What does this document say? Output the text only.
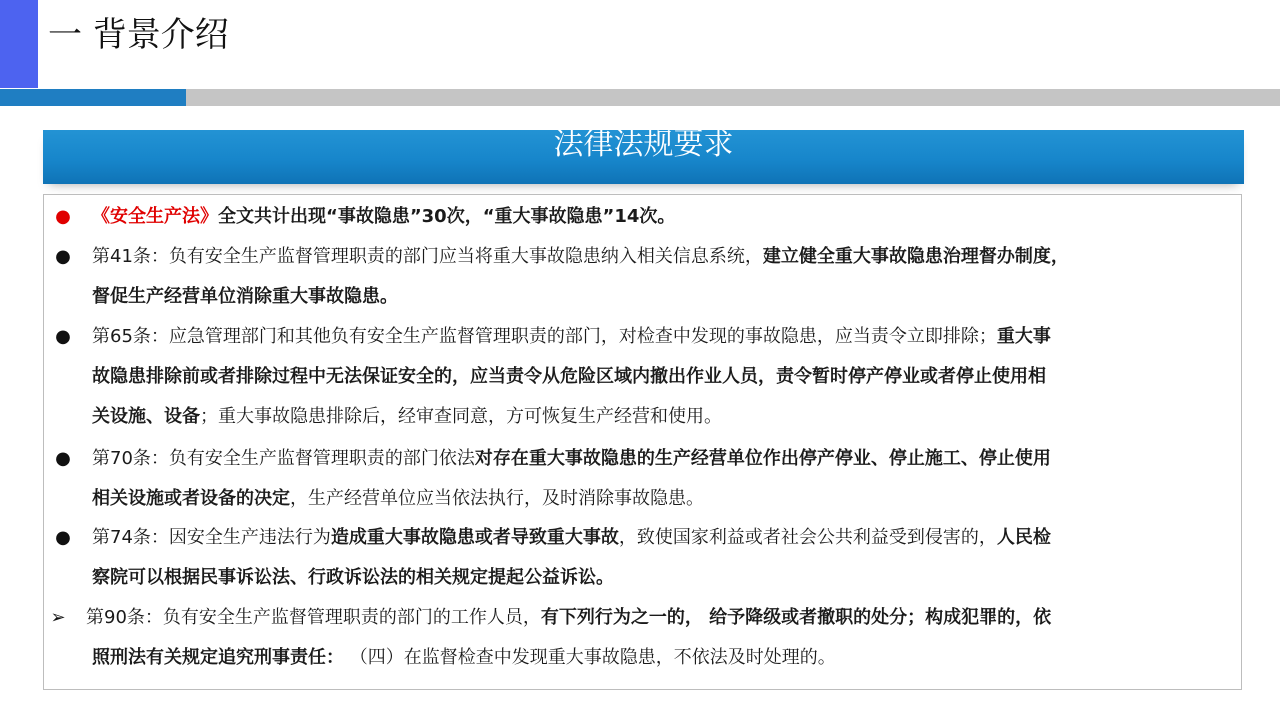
一 背景介绍
法律法规要求
● 《安全生产法》全文共计出现“事故隐患”30次，“重大事故隐患”14次。
● 第41条：负有安全生产监督管理职责的部门应当将重大事故隐患纳入相关信息系统，建立健全重大事故隐患治理督办制度，
督促生产经营单位消除重大事故隐患。
● 第65条：应急管理部门和其他负有安全生产监督管理职责的部门，对检查中发现的事故隐患，应当责令立即排除；重大事
故隐患排除前或者排除过程中无法保证安全的，应当责令从危险区域内撤出作业人员，责令暂时停产停业或者停止使用相
关设施、设备；重大事故隐患排除后，经审查同意，方可恢复生产经营和使用。
● 第70条：负有安全生产监督管理职责的部门依法对存在重大事故隐患的生产经营单位作出停产停业、停止施工、停止使用
相关设施或者设备的决定，生产经营单位应当依法执行，及时消除事故隐患。
● 第74条：因安全生产违法行为造成重大事故隐患或者导致重大事故，致使国家利益或者社会公共利益受到侵害的，人民检
察院可以根据民事诉讼法、行政诉讼法的相关规定提起公益诉讼。
➢ 第90条：负有安全生产监督管理职责的部门的工作人员，有下列行为之一的， 给予降级或者撤职的处分；构成犯罪的，依
照刑法有关规定追究刑事责任： （四）在监督检查中发现重大事故隐患，不依法及时处理的。
